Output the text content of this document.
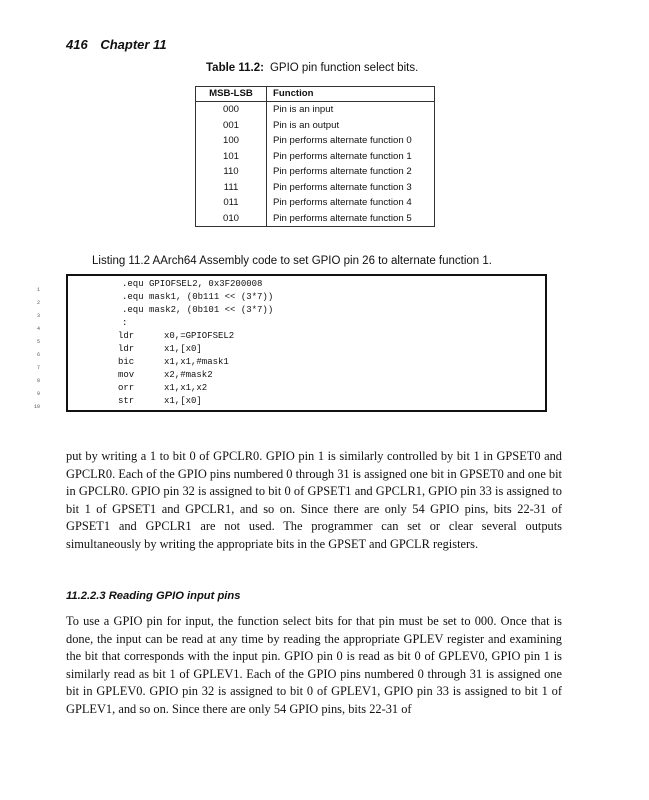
416 Chapter 11
Table 11.2: GPIO pin function select bits.
MSB-LSB	Function
000	Pin is an input
001	Pin is an output
100	Pin performs alternate function 0
101	Pin performs alternate function 1
110	Pin performs alternate function 2
111	Pin performs alternate function 3
011	Pin performs alternate function 4
010	Pin performs alternate function 5
Listing 11.2 AArch64 Assembly code to set GPIO pin 26 to alternate function 1.
1
2
3
4
5
6
7
8
9
10
.equ GPIOFSEL2, 0x3F200008
.equ mask1, (0b111 << (3*7))
.equ mask2, (0b101 << (3*7))
:
ldr	x0,=GPIOFSEL2
ldr	x1,[x0]
bic	x1,x1,#mask1
mov	x2,#mask2
orr	x1,x1,x2
str	x1,[x0]

put by writing a 1 to bit 0 of GPCLR0. GPIO pin 1 is similarly controlled by bit 1 in GPSET0 and GPCLR0. Each of the GPIO pins numbered 0 through 31 is assigned one bit in GPSET0 and one bit in GPCLR0. GPIO pin 32 is assigned to bit 0 of GPSET1 and GPCLR1, GPIO pin 33 is assigned to bit 1 of GPSET1 and GPCLR1, and so on. Since there are only 54 GPIO pins, bits 22-31 of GPSET1 and GPCLR1 are not used. The programmer can set or clear several outputs simultaneously by writing the appropriate bits in the GPSET and GPCLR registers.

11.2.2.3 Reading GPIO input pins

To use a GPIO pin for input, the function select bits for that pin must be set to 000. Once that is done, the input can be read at any time by reading the appropriate GPLEV register and examining the bit that corresponds with the input pin. GPIO pin 0 is read as bit 0 of GPLEV0, GPIO pin 1 is similarly read as bit 1 of GPLEV1. Each of the GPIO pins numbered 0 through 31 is assigned one bit in GPLEV0. GPIO pin 32 is assigned to bit 0 of GPLEV1, GPIO pin 33 is assigned to bit 1 of GPLEV1, and so on. Since there are only 54 GPIO pins, bits 22-31 of
